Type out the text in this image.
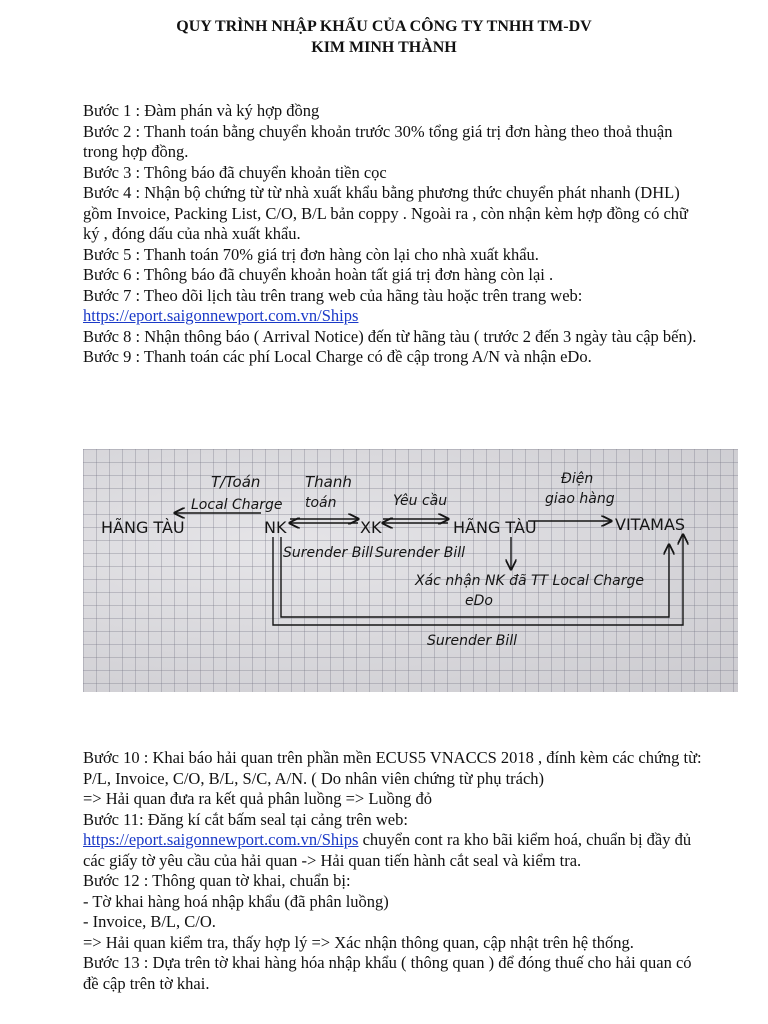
QUY TRÌNH NHẬP KHẨU CỦA CÔNG TY TNHH TM-DV
KIM MINH THÀNH

Bước 1 : Đàm phán và ký hợp đồng

Bước 2 : Thanh toán bằng chuyển khoản trước 30% tổng giá trị đơn hàng theo thoả thuận trong hợp đồng.

Bước 3 : Thông báo đã chuyển khoản tiền cọc

Bước 4 : Nhận bộ chứng từ từ nhà xuất khẩu bằng phương thức chuyển phát nhanh (DHL) gồm Invoice, Packing List, C/O, B/L bản coppy . Ngoài ra , còn nhận kèm hợp đồng có chữ ký , đóng dấu của nhà xuất khẩu.

Bước 5 : Thanh toán 70% giá trị đơn hàng còn lại cho nhà xuất khẩu.

Bước 6 : Thông báo đã chuyển khoản hoàn tất giá trị đơn hàng còn lại .

Bước 7 : Theo dõi lịch tàu trên trang web của hãng tàu hoặc trên trang web:

https://eport.saigonnewport.com.vn/Ships

Bước 8 : Nhận thông báo ( Arrival Notice) đến từ hãng tàu ( trước 2 đến 3 ngày tàu cập bến).

Bước 9 : Thanh toán các phí Local Charge có đề cập trong A/N và nhận eDo.

T/Toán
Local Charge
Thanh
toán	Yêu cầu
Điện
giao hàng
HÃNG TÀU	NK	XK	HÃNG TÀU	VITAMAS
Surender Bill Surender Bill
Xác nhận NK đã TT Local Charge
eDo
Surender Bill

Bước 10 : Khai báo hải quan trên phần mền ECUS5 VNACCS 2018 , đính kèm các chứng từ: P/L, Invoice, C/O, B/L, S/C, A/N. ( Do nhân viên chứng từ phụ trách)

=> Hải quan đưa ra kết quả phân luồng => Luồng đỏ

Bước 11: Đăng kí cắt bấm seal tại cảng trên web:

https://eport.saigonnewport.com.vn/Ships chuyển cont ra kho bãi kiểm hoá, chuẩn bị đầy đủ các giấy tờ yêu cầu của hải quan -> Hải quan tiến hành cắt seal và kiểm tra.

Bước 12 : Thông quan tờ khai, chuẩn bị:

- Tờ khai hàng hoá nhập khẩu (đã phân luồng)

- Invoice, B/L, C/O.

=> Hải quan kiểm tra, thấy hợp lý => Xác nhận thông quan, cập nhật trên hệ thống.

Bước 13 : Dựa trên tờ khai hàng hóa nhập khẩu ( thông quan ) để đóng thuế cho hải quan có đề cập trên tờ khai.
